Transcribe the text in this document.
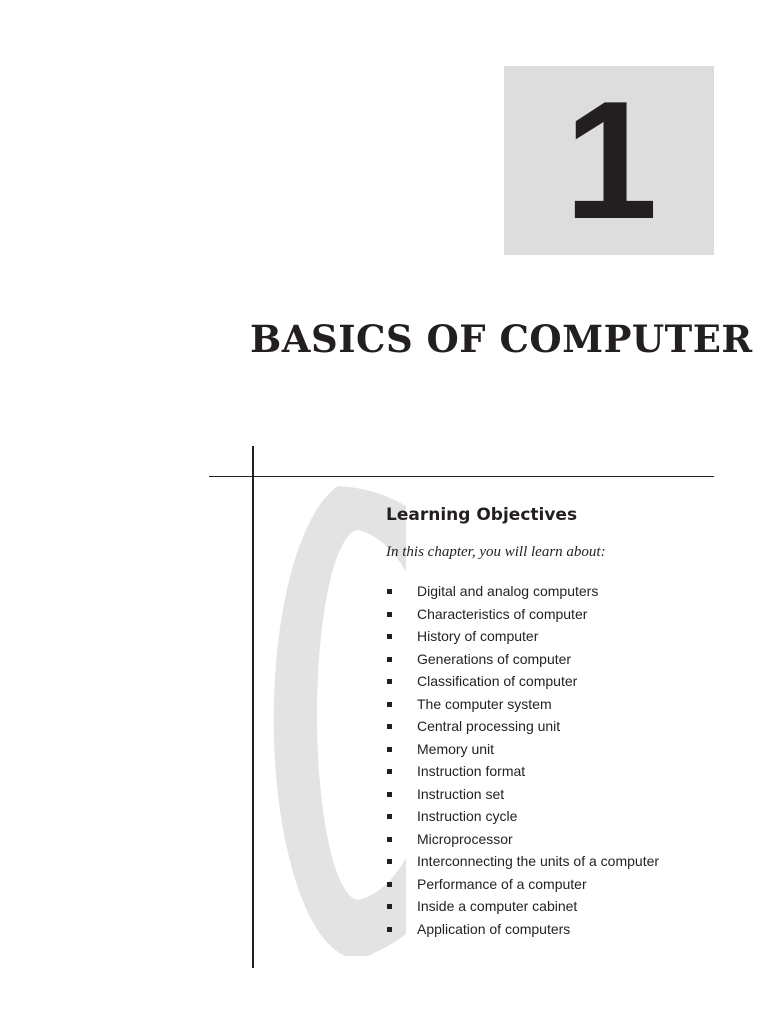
1
BASICS OF COMPUTER
Learning Objectives
In this chapter, you will learn about:
Digital and analog computers
Characteristics of computer
History of computer
Generations of computer
Classification of computer
The computer system
Central processing unit
Memory unit
Instruction format
Instruction set
Instruction cycle
Microprocessor
Interconnecting the units of a computer
Performance of a computer
Inside a computer cabinet
Application of computers
